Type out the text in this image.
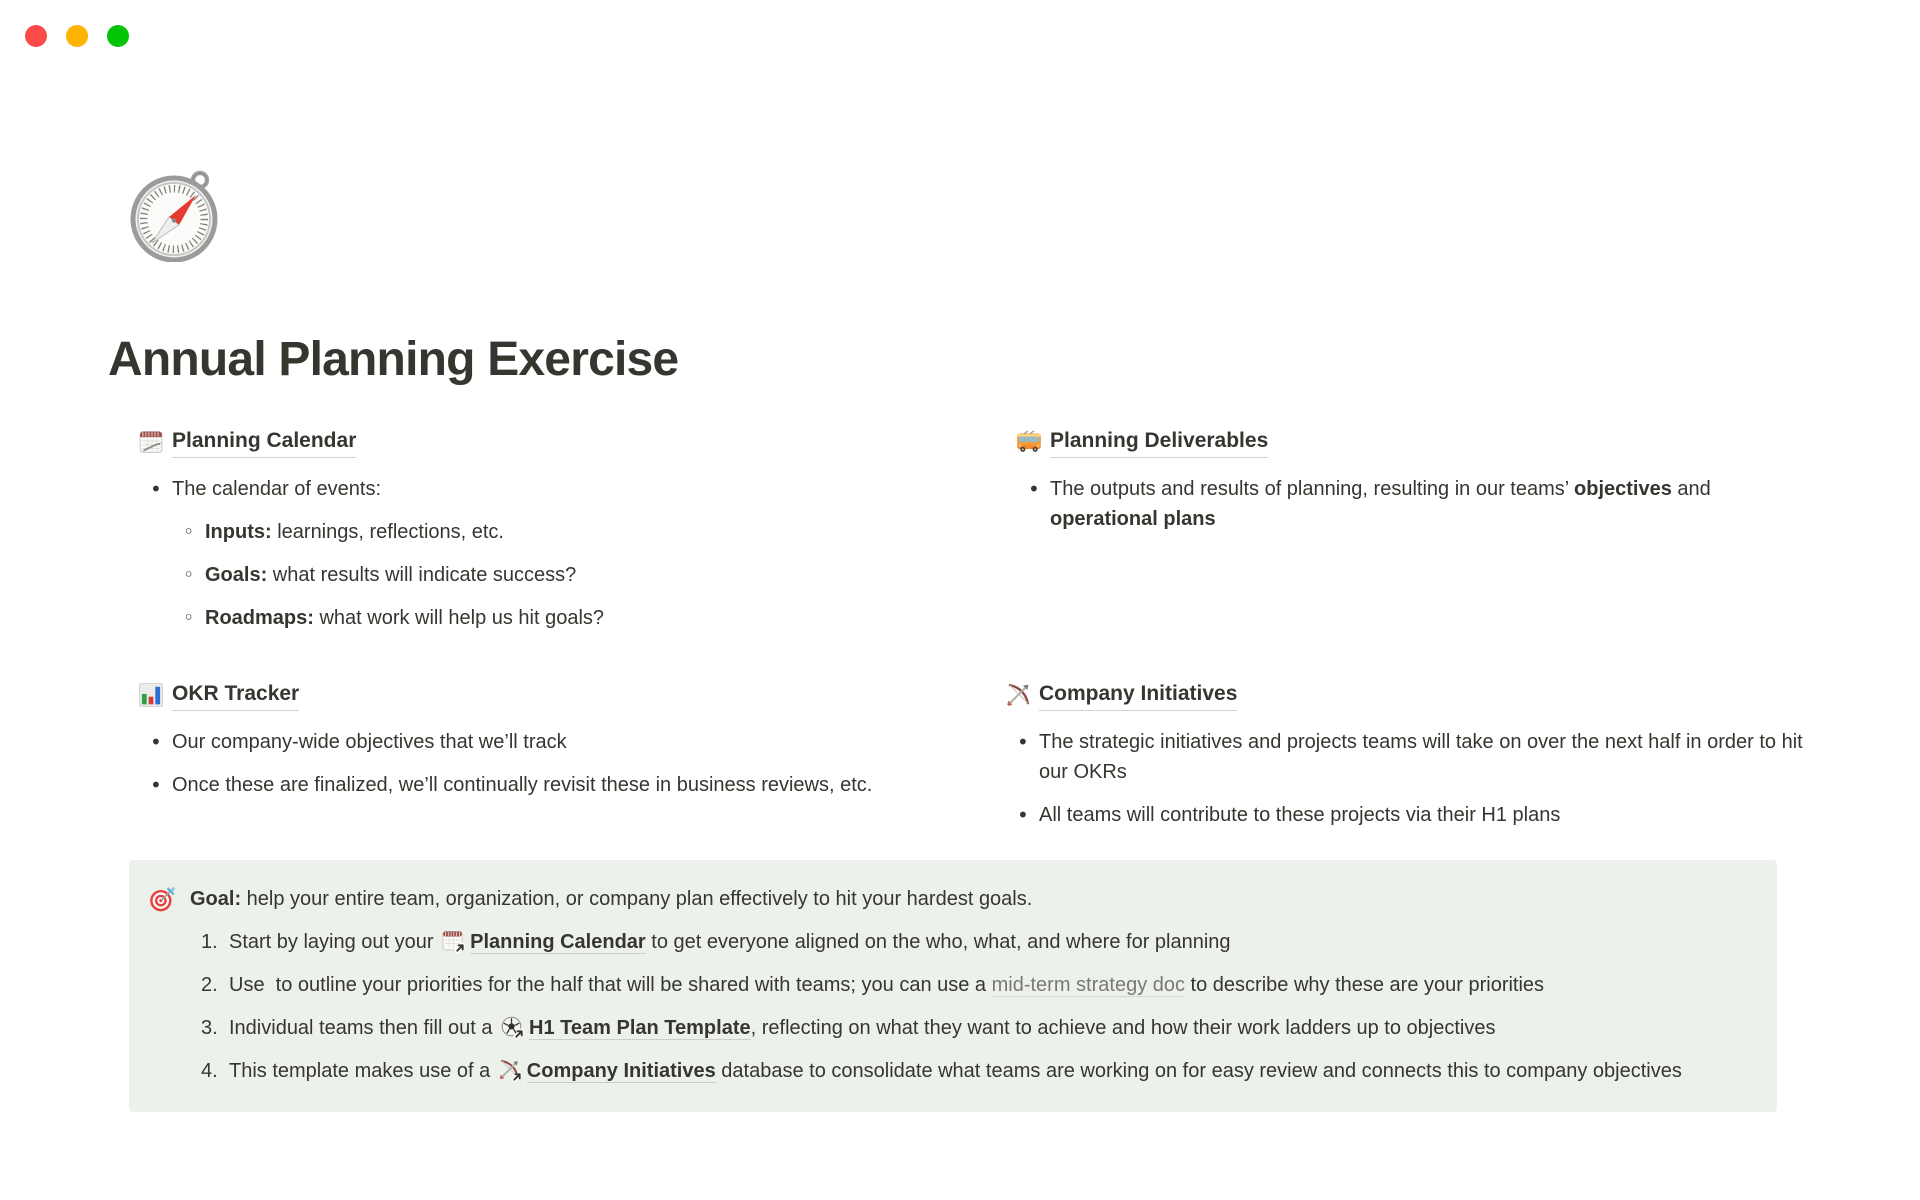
Annual Planning Exercise
Planning Calendar
• The calendar of events:
◦ Inputs: learnings, reflections, etc.
◦ Goals: what results will indicate success?
◦ Roadmaps: what work will help us hit goals?
Planning Deliverables
• The outputs and results of planning, resulting in our teams’ objectives and operational plans
OKR Tracker
• Our company-wide objectives that we’ll track
• Once these are finalized, we’ll continually revisit these in business reviews, etc.
Company Initiatives
• The strategic initiatives and projects teams will take on over the next half in order to hit our OKRs
• All teams will contribute to these projects via their H1 plans
Goal: help your entire team, organization, or company plan effectively to hit your hardest goals.
1. Start by laying out your
Planning Calendar to get everyone aligned on the who, what, and where for planning
2. Use  to outline your priorities for the half that will be shared with teams; you can use a mid-term strategy doc to describe why these are your priorities
3. Individual teams then fill out a
H1 Team Plan Template, reflecting on what they want to achieve and how their work ladders up to objectives
4. This template makes use of a
Company Initiatives database to consolidate what teams are working on for easy review and connects this to company objectives
